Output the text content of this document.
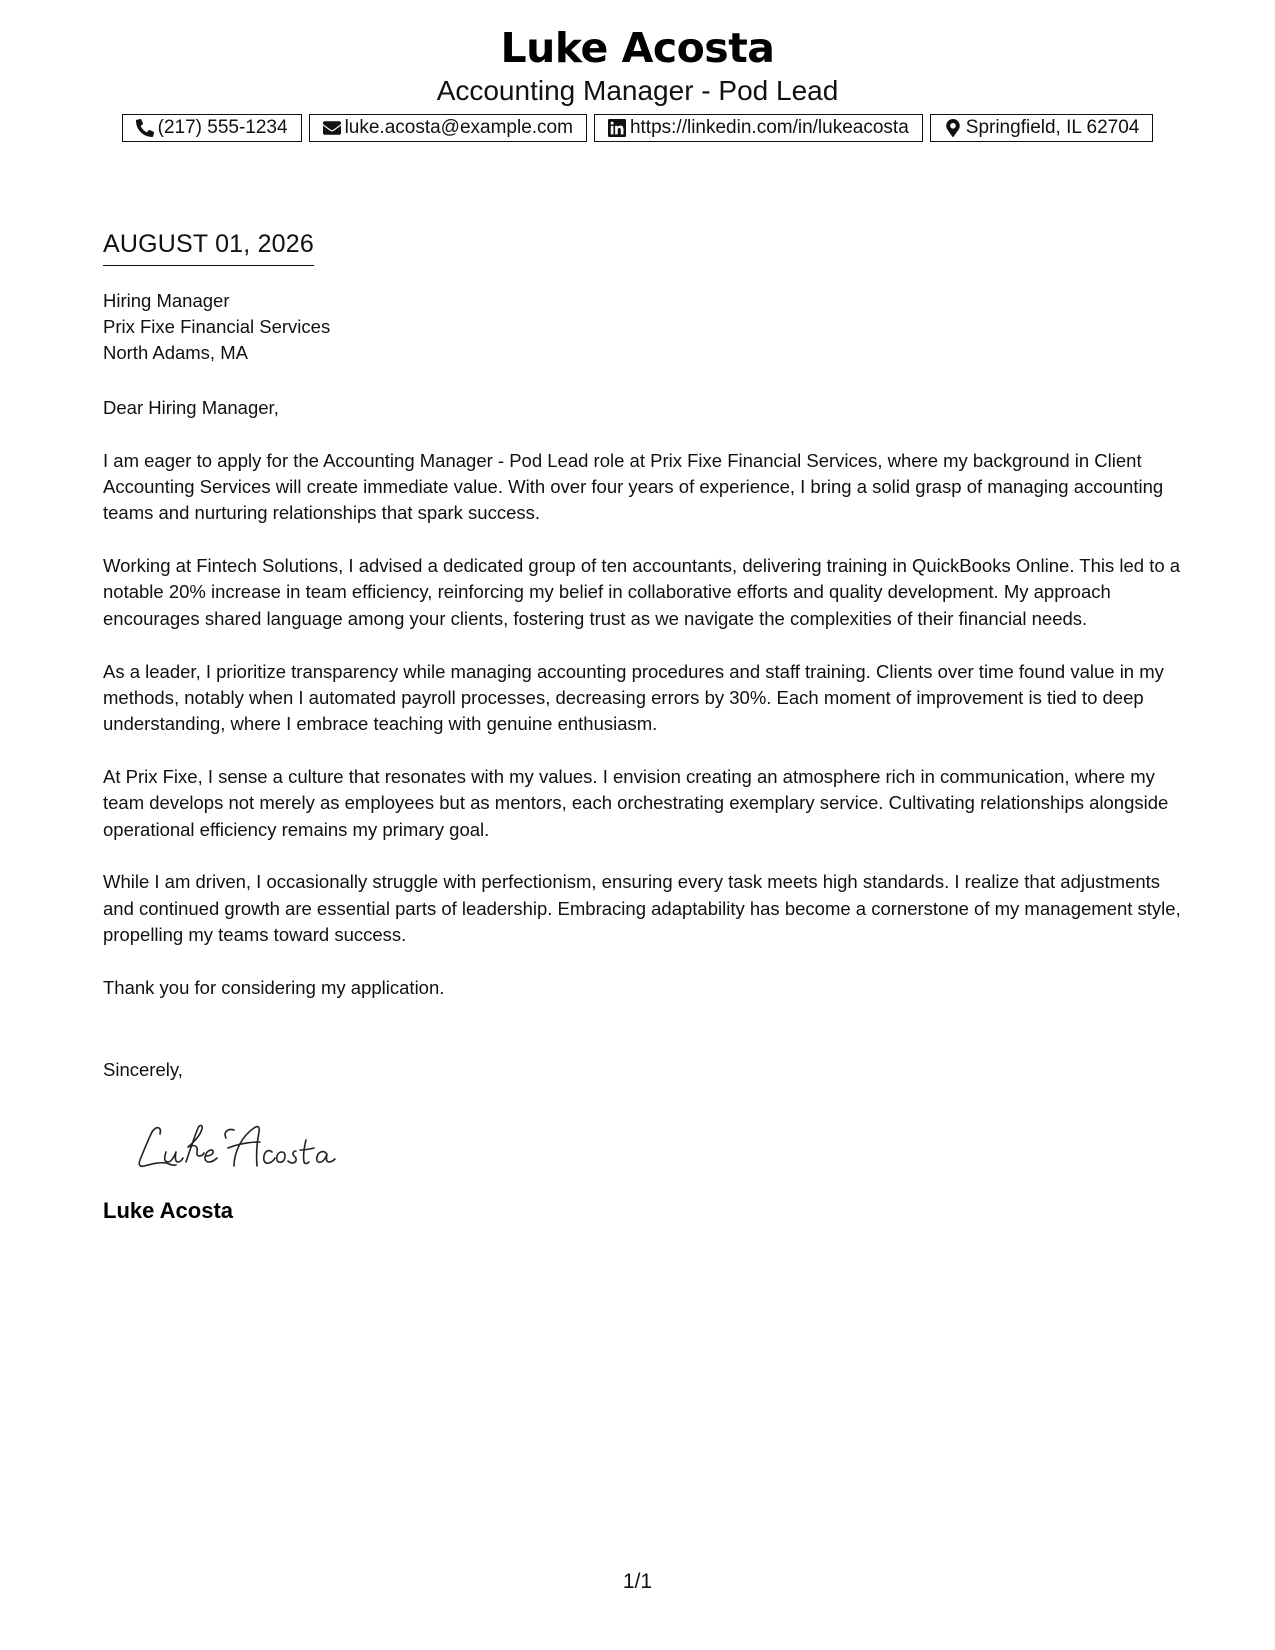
Luke Acosta
Accounting Manager - Pod Lead
(217) 555-1234	luke.acosta@example.com	https://linkedin.com/in/lukeacosta	Springfield, IL 62704
AUGUST 01, 2026
Hiring Manager
Prix Fixe Financial Services
North Adams, MA

Dear Hiring Manager,

I am eager to apply for the Accounting Manager - Pod Lead role at Prix Fixe Financial Services, where my background in Client Accounting Services will create immediate value. With over four years of experience, I bring a solid grasp of managing accounting teams and nurturing relationships that spark success.

Working at Fintech Solutions, I advised a dedicated group of ten accountants, delivering training in QuickBooks Online. This led to a notable 20% increase in team efficiency, reinforcing my belief in collaborative efforts and quality development. My approach encourages shared language among your clients, fostering trust as we navigate the complexities of their financial needs.

As a leader, I prioritize transparency while managing accounting procedures and staff training. Clients over time found value in my methods, notably when I automated payroll processes, decreasing errors by 30%. Each moment of improvement is tied to deep understanding, where I embrace teaching with genuine enthusiasm.

At Prix Fixe, I sense a culture that resonates with my values. I envision creating an atmosphere rich in communication, where my team develops not merely as employees but as mentors, each orchestrating exemplary service. Cultivating relationships alongside operational efficiency remains my primary goal.

While I am driven, I occasionally struggle with perfectionism, ensuring every task meets high standards. I realize that adjustments and continued growth are essential parts of leadership. Embracing adaptability has become a cornerstone of my management style, propelling my teams toward success.

Thank you for considering my application.

Sincerely,
Luke Acosta
1/1
